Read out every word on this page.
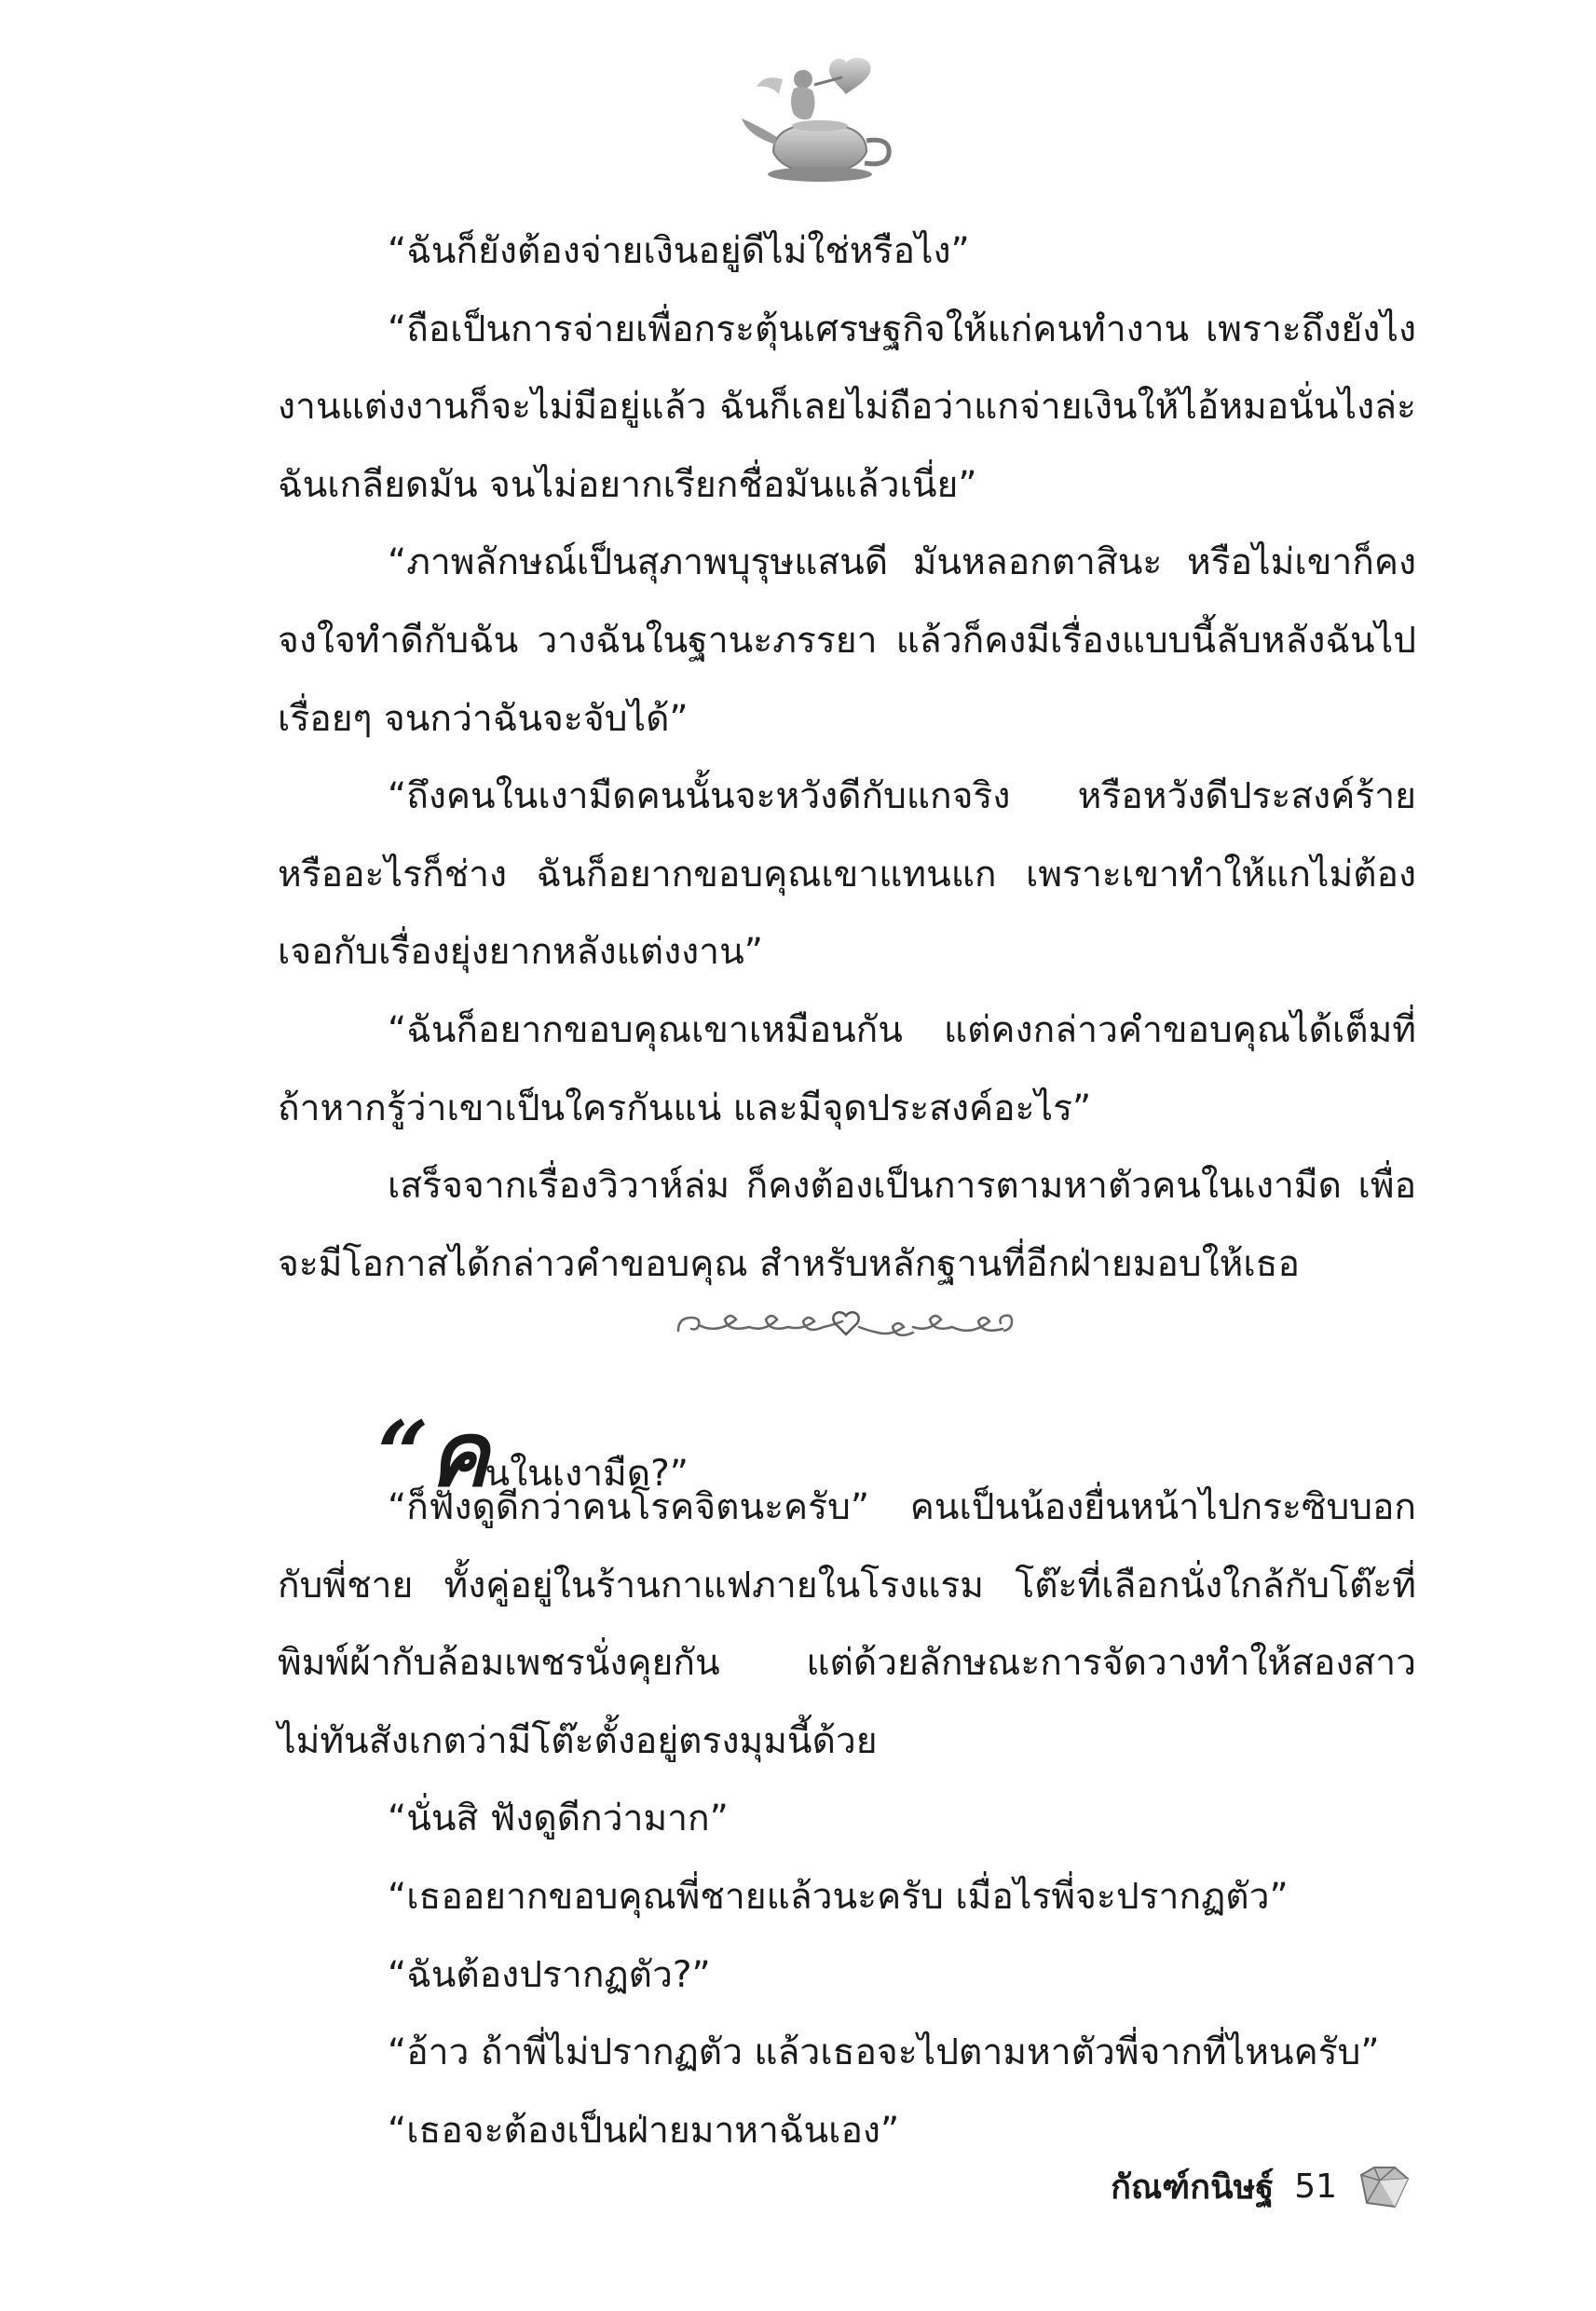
“ฉันก็ยังต้องจ่ายเงินอยู่ดีไม่ใช่หรือไง”

“ถือเป็นการจ่ายเพื่อกระตุ้นเศรษฐกิจให้แก่คนทำงาน เพราะถึงยังไงงานแต่งงานก็จะไม่มีอยู่แล้ว ฉันก็เลยไม่ถือว่าแกจ่ายเงินให้ไอ้หมอนั่นไงล่ะ ฉันเกลียดมัน จนไม่อยากเรียกชื่อมันแล้วเนี่ย”

“ภาพลักษณ์เป็นสุภาพบุรุษแสนดี มันหลอกตาสินะ หรือไม่เขาก็คงจงใจทำดีกับฉัน วางฉันในฐานะภรรยา แล้วก็คงมีเรื่องแบบนี้ลับหลังฉันไปเรื่อยๆ จนกว่าฉันจะจับได้”

“ถึงคนในเงามืดคนนั้นจะหวังดีกับแกจริง หรือหวังดีประสงค์ร้ายหรืออะไรก็ช่าง ฉันก็อยากขอบคุณเขาแทนแก เพราะเขาทำให้แกไม่ต้องเจอกับเรื่องยุ่งยากหลังแต่งงาน”

“ฉันก็อยากขอบคุณเขาเหมือนกัน แต่คงกล่าวคำขอบคุณได้เต็มที่ ถ้าหากรู้ว่าเขาเป็นใครกันแน่ และมีจุดประสงค์อะไร”

เสร็จจากเรื่องวิวาห์ล่ม ก็คงต้องเป็นการตามหาตัวคนในเงามืด เพื่อจะมีโอกาสได้กล่าวคำขอบคุณ สำหรับหลักฐานที่อีกฝ่ายมอบให้เธอ

“คนในเงามืด?”

“ก็ฟังดูดีกว่าคนโรคจิตนะครับ” คนเป็นน้องยื่นหน้าไปกระซิบบอกกับพี่ชาย ทั้งคู่อยู่ในร้านกาแฟภายในโรงแรม โต๊ะที่เลือกนั่งใกล้กับโต๊ะที่พิมพ์ผ้ากับล้อมเพชรนั่งคุยกัน แต่ด้วยลักษณะการจัดวางทำให้สองสาวไม่ทันสังเกตว่ามีโต๊ะตั้งอยู่ตรงมุมนี้ด้วย

“นั่นสิ ฟังดูดีกว่ามาก”

“เธออยากขอบคุณพี่ชายแล้วนะครับ เมื่อไรพี่จะปรากฏตัว”

“ฉันต้องปรากฏตัว?”

“อ้าว ถ้าพี่ไม่ปรากฏตัว แล้วเธอจะไปตามหาตัวพี่จากที่ไหนครับ”

“เธอจะต้องเป็นฝ่ายมาหาฉันเอง”

กัณฑ์กนิษฐ์ 51
